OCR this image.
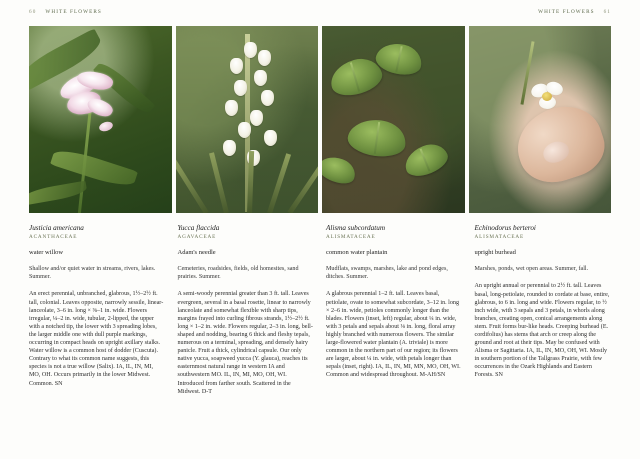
60 WHITE FLOWERS	WHITE FLOWERS 61

Justicia americana

ACANTHACEAE

water willow

Shallow and/or quiet water in streams, rivers, lakes. Summer.

An erect perennial, unbranched, glabrous, 1½–2½ ft. tall, colonial. Leaves opposite, narrowly sessile, linear-lanceolate, 3–6 in. long × ⅜–1 in. wide. Flowers irregular, ¼–2 in. wide, tubular, 2-lipped, the upper with a notched tip, the lower with 3 spreading lobes, the larger middle one with dull purple markings, occurring in compact heads on upright axillary stalks. Water willow is a common host of dodder (Cuscuta). Contrary to what its common name suggests, this species is not a true willow (Salix). IA, IL, IN, MI, MO, OH. Occurs primarily in the lower Midwest. Common. SN

Yucca flaccida

AGAVACEAE

Adam's needle

Cemeteries, roadsides, fields, old homesites, sand prairies. Summer.

A semi-woody perennial greater than 3 ft. tall. Leaves evergreen, several in a basal rosette, linear to narrowly lanceolate and somewhat flexible with sharp tips, margins frayed into curling fibrous strands, 1½–2½ ft. long × 1–2 in. wide. Flowers regular, 2–3 in. long, bell-shaped and nodding, bearing 6 thick and fleshy tepals, numerous on a terminal, spreading, and densely hairy panicle. Fruit a thick, cylindrical capsule. Our only native yucca, soapweed yucca (Y. glauca), reaches its easternmost natural range in western IA and southwestern MO. IL, IN, MI, MO, OH, WI. Introduced from farther south. Scattered in the Midwest. D-T

Alisma subcordatum

ALISMATACEAE

common water plantain

Mudflats, swamps, marshes, lake and pond edges, ditches. Summer.

A glabrous perennial 1–2 ft. tall. Leaves basal, petiolate, ovate to somewhat subcordate, 3–12 in. long × 2–6 in. wide, petioles commonly longer than the blades. Flowers (inset, left) regular, about ¼ in. wide, with 3 petals and sepals about ⅛ in. long, floral array highly branched with numerous flowers. The similar large-flowered water plantain (A. triviale) is more common in the northern part of our region; its flowers are larger, about ¼ in. wide, with petals longer than sepals (inset, right). IA, IL, IN, MI, MN, MO, OH, WI. Common and widespread throughout. M-AH/SN

Echinodorus berteroi

ALISMATACEAE

upright burhead

Marshes, ponds, wet open areas. Summer, fall.

An upright annual or perennial to 2½ ft. tall. Leaves basal, long-petiolate, rounded to cordate at base, entire, glabrous, to 6 in. long and wide. Flowers regular, to ½ inch wide, with 3 sepals and 3 petals, in whorls along branches, creating open, conical arrangements along stem. Fruit forms bur-like heads. Creeping burhead (E. cordifolius) has stems that arch or creep along the ground and root at their tips. May be confused with Alisma or Sagittaria. IA, IL, IN, MO, OH, WI. Mostly in southern portion of the Tallgrass Prairie, with few occurrences in the Ozark Highlands and Eastern Forests. SN
